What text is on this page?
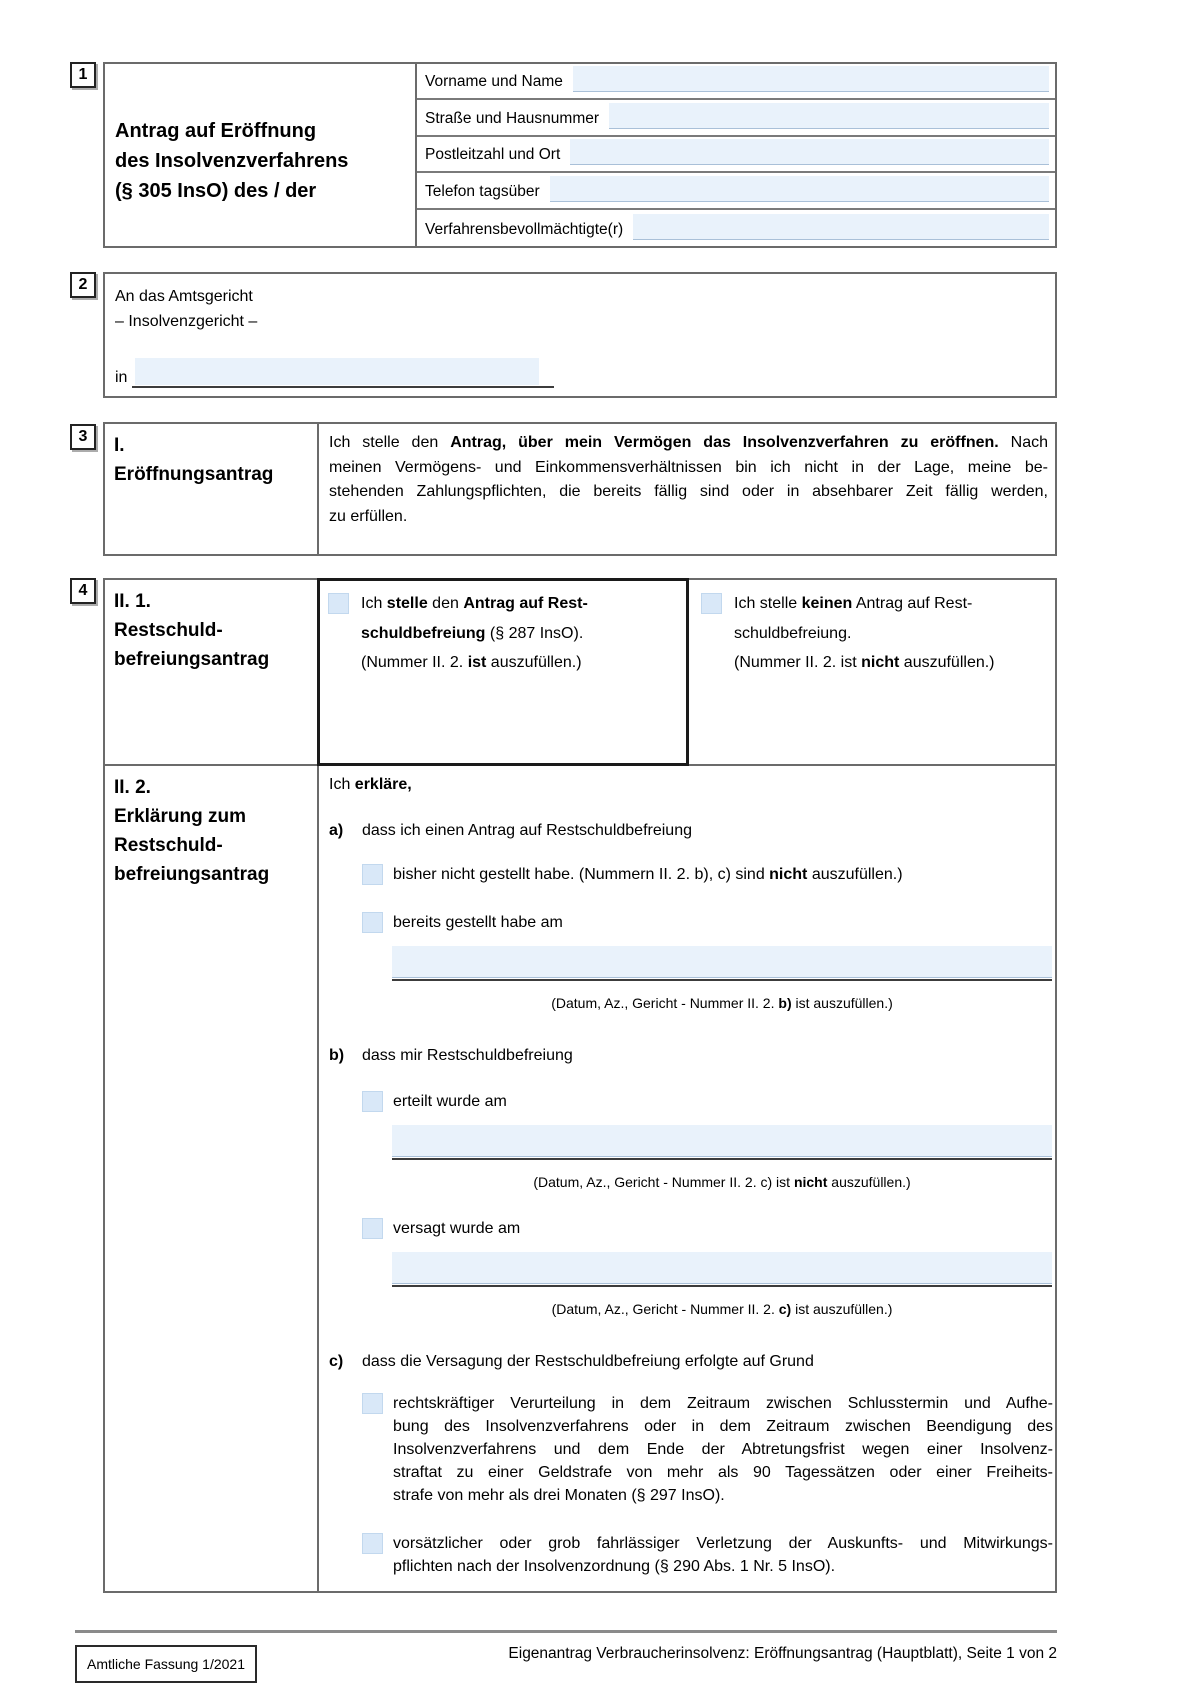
1
2
3
4
Antrag auf Eröffnung
des Insolvenzverfahrens
(§ 305 InsO) des / der
Vorname und Name
Straße und Hausnummer
Postleitzahl und Ort
Telefon tagsüber
Verfahrensbevollmächtigte(r)
An das Amtsgericht
– Insolvenzgericht –
in
I.
Eröffnungsantrag
Ich stelle den Antrag, über mein Vermögen das Insolvenzverfahren zu eröffnen. Nach
meinen Vermögens- und Einkommensverhältnissen bin ich nicht in der Lage, meine be-
stehenden Zahlungspflichten, die bereits fällig sind oder in absehbarer Zeit fällig werden,
zu erfüllen.
II. 1.
Restschuld-
befreiungsantrag
Ich stelle den Antrag auf Rest-
schuldbefreiung (§ 287 InsO).
(Nummer II. 2. ist auszufüllen.)
Ich stelle keinen Antrag auf Rest-
schuldbefreiung.
(Nummer II. 2. ist nicht auszufüllen.)
II. 2.
Erklärung zum
Restschuld-
befreiungsantrag
Ich erkläre,
a)	dass ich einen Antrag auf Restschuldbefreiung
bisher nicht gestellt habe. (Nummern II. 2. b), c) sind nicht auszufüllen.)
bereits gestellt habe am
(Datum, Az., Gericht - Nummer II. 2. b) ist auszufüllen.)
b)	dass mir Restschuldbefreiung
erteilt wurde am
(Datum, Az., Gericht - Nummer II. 2. c) ist nicht auszufüllen.)
versagt wurde am
(Datum, Az., Gericht - Nummer II. 2. c) ist auszufüllen.)
c)	dass die Versagung der Restschuldbefreiung erfolgte auf Grund
rechtskräftiger Verurteilung in dem Zeitraum zwischen Schlusstermin und Aufhe-
bung des Insolvenzverfahrens oder in dem Zeitraum zwischen Beendigung des
Insolvenzverfahrens und dem Ende der Abtretungsfrist wegen einer Insolvenz-
straftat zu einer Geldstrafe von mehr als 90 Tagessätzen oder einer Freiheits-
strafe von mehr als drei Monaten (§ 297 InsO).
vorsätzlicher oder grob fahrlässiger Verletzung der Auskunfts- und Mitwirkungs-
pflichten nach der Insolvenzordnung (§ 290 Abs. 1 Nr. 5 InsO).
Amtliche Fassung 1/2021
Eigenantrag Verbraucherinsolvenz: Eröffnungsantrag (Hauptblatt), Seite 1 von 2
